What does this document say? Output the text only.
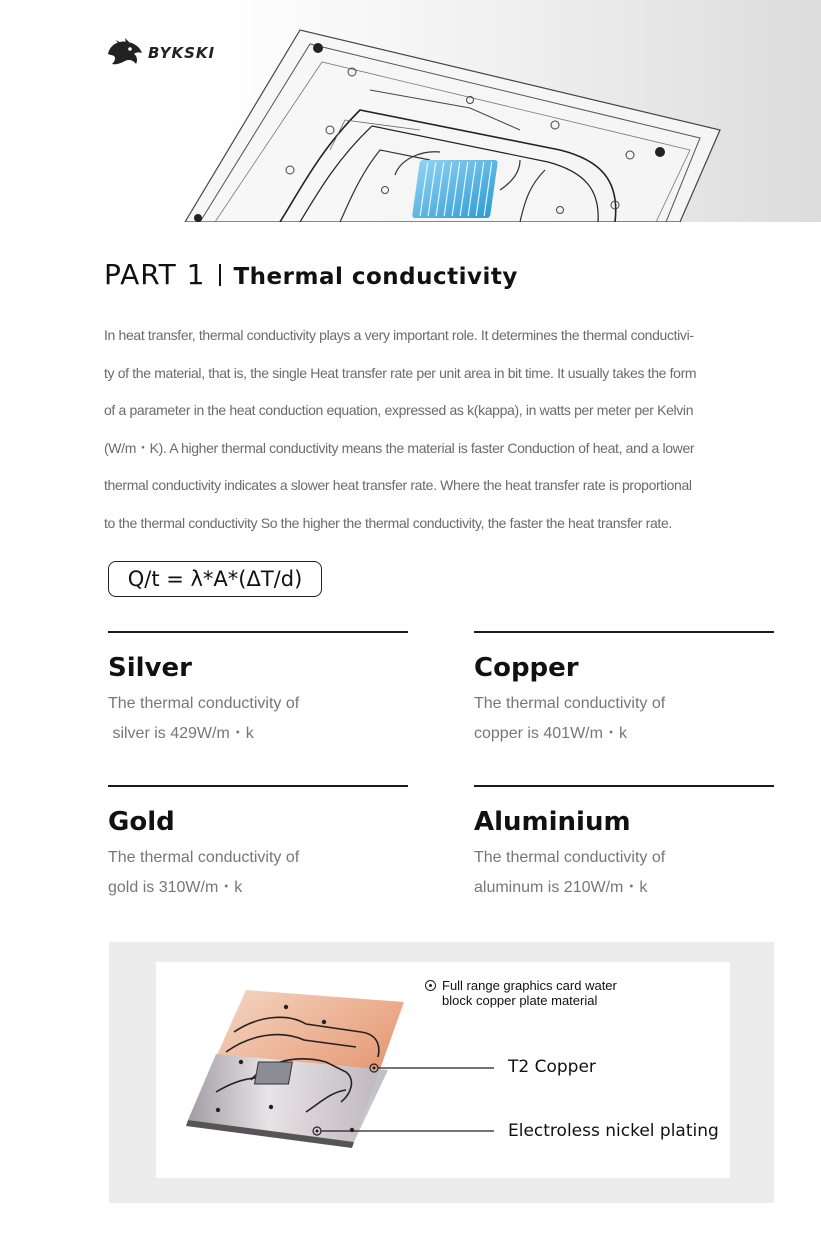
BYKSKI
PART 1 Thermal conductivity
In heat transfer, thermal conductivity plays a very important role. It determines the thermal conductivi-
ty of the material, that is, the single Heat transfer rate per unit area in bit time. It usually takes the form
of a parameter in the heat conduction equation, expressed as k(kappa), in watts per meter per Kelvin
(W/m・K). A higher thermal conductivity means the material is faster Conduction of heat, and a lower
thermal conductivity indicates a slower heat transfer rate. Where the heat transfer rate is proportional
to the thermal conductivity So the higher the thermal conductivity, the faster the heat transfer rate.
Q/t = λ*A*(ΔT/d)
Silver
The thermal conductivity of
silver is 429W/m・k
Copper
The thermal conductivity of
copper is 401W/m・k
Gold
The thermal conductivity of
gold is 310W/m・k
Aluminium
The thermal conductivity of
aluminum is 210W/m・k
Full range graphics card water
block copper plate material
T2 Copper
Electroless nickel plating
